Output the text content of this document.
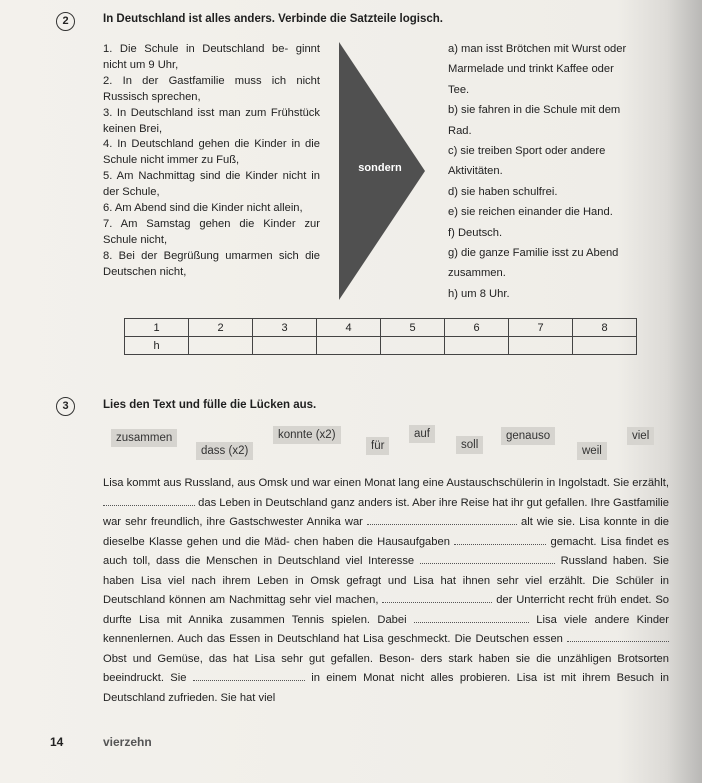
2	In Deutschland ist alles anders. Verbinde die Satzteile logisch.
1. Die Schule in Deutschland be- ginnt nicht um 9 Uhr,
2. In der Gastfamilie muss ich nicht Russisch sprechen,
3. In Deutschland isst man zum Frühstück keinen Brei,
4. In Deutschland gehen die Kinder in die Schule nicht immer zu Fuß,
5. Am Nachmittag sind die Kinder nicht in der Schule,
6. Am Abend sind die Kinder nicht allein,
7. Am Samstag gehen die Kinder zur Schule nicht,
8. Bei der Begrüßung umarmen sich die Deutschen nicht,
sondern
a) man isst Brötchen mit Wurst oder
Marmelade und trinkt Kaffee oder
Tee.
b) sie fahren in die Schule mit dem
Rad.
c) sie treiben Sport oder andere
Aktivitäten.
d) sie haben schulfrei.
e) sie reichen einander die Hand.
f) Deutsch.
g) die ganze Familie isst zu Abend
zusammen.
h) um 8 Uhr.
1	2	3	4	5	6	7	8
h							
3	Lies den Text und fülle die Lücken aus.
zusammen
dass (x2)
konnte (x2)
für
auf
soll
genauso
weil
viel
Lisa kommt aus Russland, aus Omsk und war einen Monat lang eine Austauschschülerin in Ingolstadt. Sie erzählt,  das Leben in Deutschland ganz anders ist. Aber ihre Reise hat ihr gut gefallen. Ihre Gastfamilie war sehr freundlich, ihre Gastschwester Annika war	alt wie sie. Lisa konnte in die dieselbe Klasse gehen und die Mäd- chen haben die Hausaufgaben	gemacht. Lisa findet es auch toll, dass die Menschen in Deutschland viel Interesse	Russland haben. Sie haben Lisa viel nach ihrem Leben in Omsk gefragt und Lisa hat ihnen sehr viel erzählt. Die Schüler in Deutschland können am Nachmittag sehr viel machen,	der Unterricht recht früh endet. So durfte Lisa mit Annika zusammen Tennis spielen. Dabei	Lisa viele andere Kinder kennenlernen. Auch das Essen in Deutschland hat Lisa geschmeckt. Die Deutschen essen  Obst und Gemüse, das hat Lisa sehr gut gefallen. Beson- ders stark haben sie die unzähligen Brotsorten beeindruckt. Sie	in einem Monat nicht alles probieren. Lisa ist mit ihrem Besuch in Deutschland zufrieden. Sie hat viel
14	vierzehn
